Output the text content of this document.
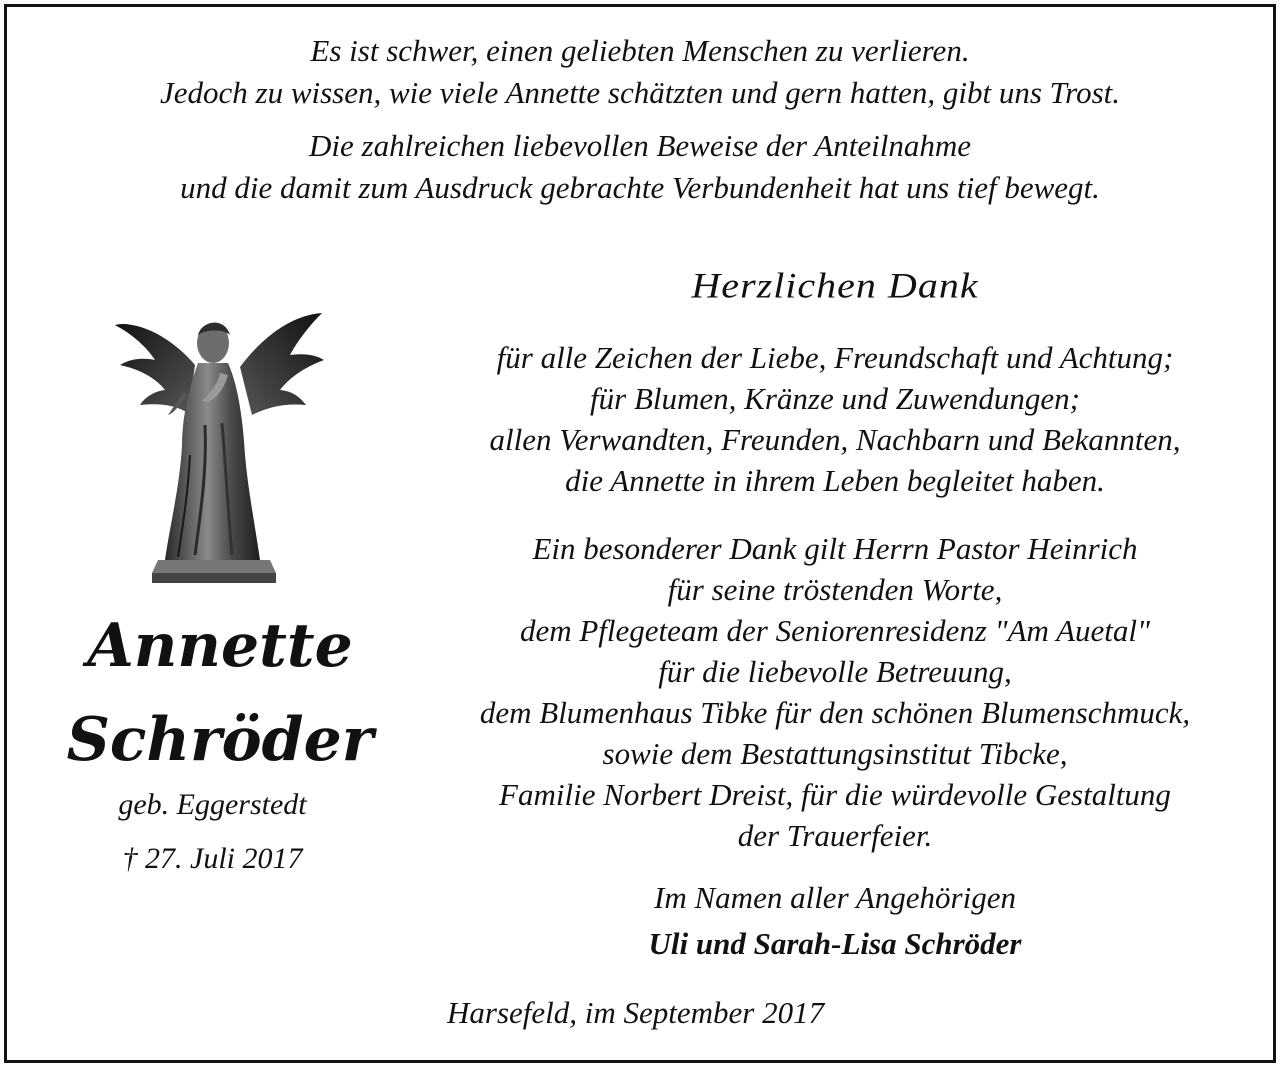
Es ist schwer, einen geliebten Menschen zu verlieren.
Jedoch zu wissen, wie viele Annette schätzten und gern hatten, gibt uns Trost.
Die zahlreichen liebevollen Beweise der Anteilnahme
und die damit zum Ausdruck gebrachte Verbundenheit hat uns tief bewegt.
Herzlichen Dank
für alle Zeichen der Liebe, Freundschaft und Achtung;
für Blumen, Kränze und Zuwendungen;
allen Verwandten, Freunden, Nachbarn und Bekannten,
die Annette in ihrem Leben begleitet haben.
Ein besonderer Dank gilt Herrn Pastor Heinrich
für seine tröstenden Worte,
dem Pflegeteam der Seniorenresidenz "Am Auetal"
für die liebevolle Betreuung,
dem Blumenhaus Tibke für den schönen Blumenschmuck,
sowie dem Bestattungsinstitut Tibcke,
Familie Norbert Dreist, für die würdevolle Gestaltung
der Trauerfeier.
Im Namen aller Angehörigen
Uli und Sarah-Lisa Schröder
Harsefeld, im September 2017
Annette
Schröder
geb. Eggerstedt
† 27. Juli 2017
